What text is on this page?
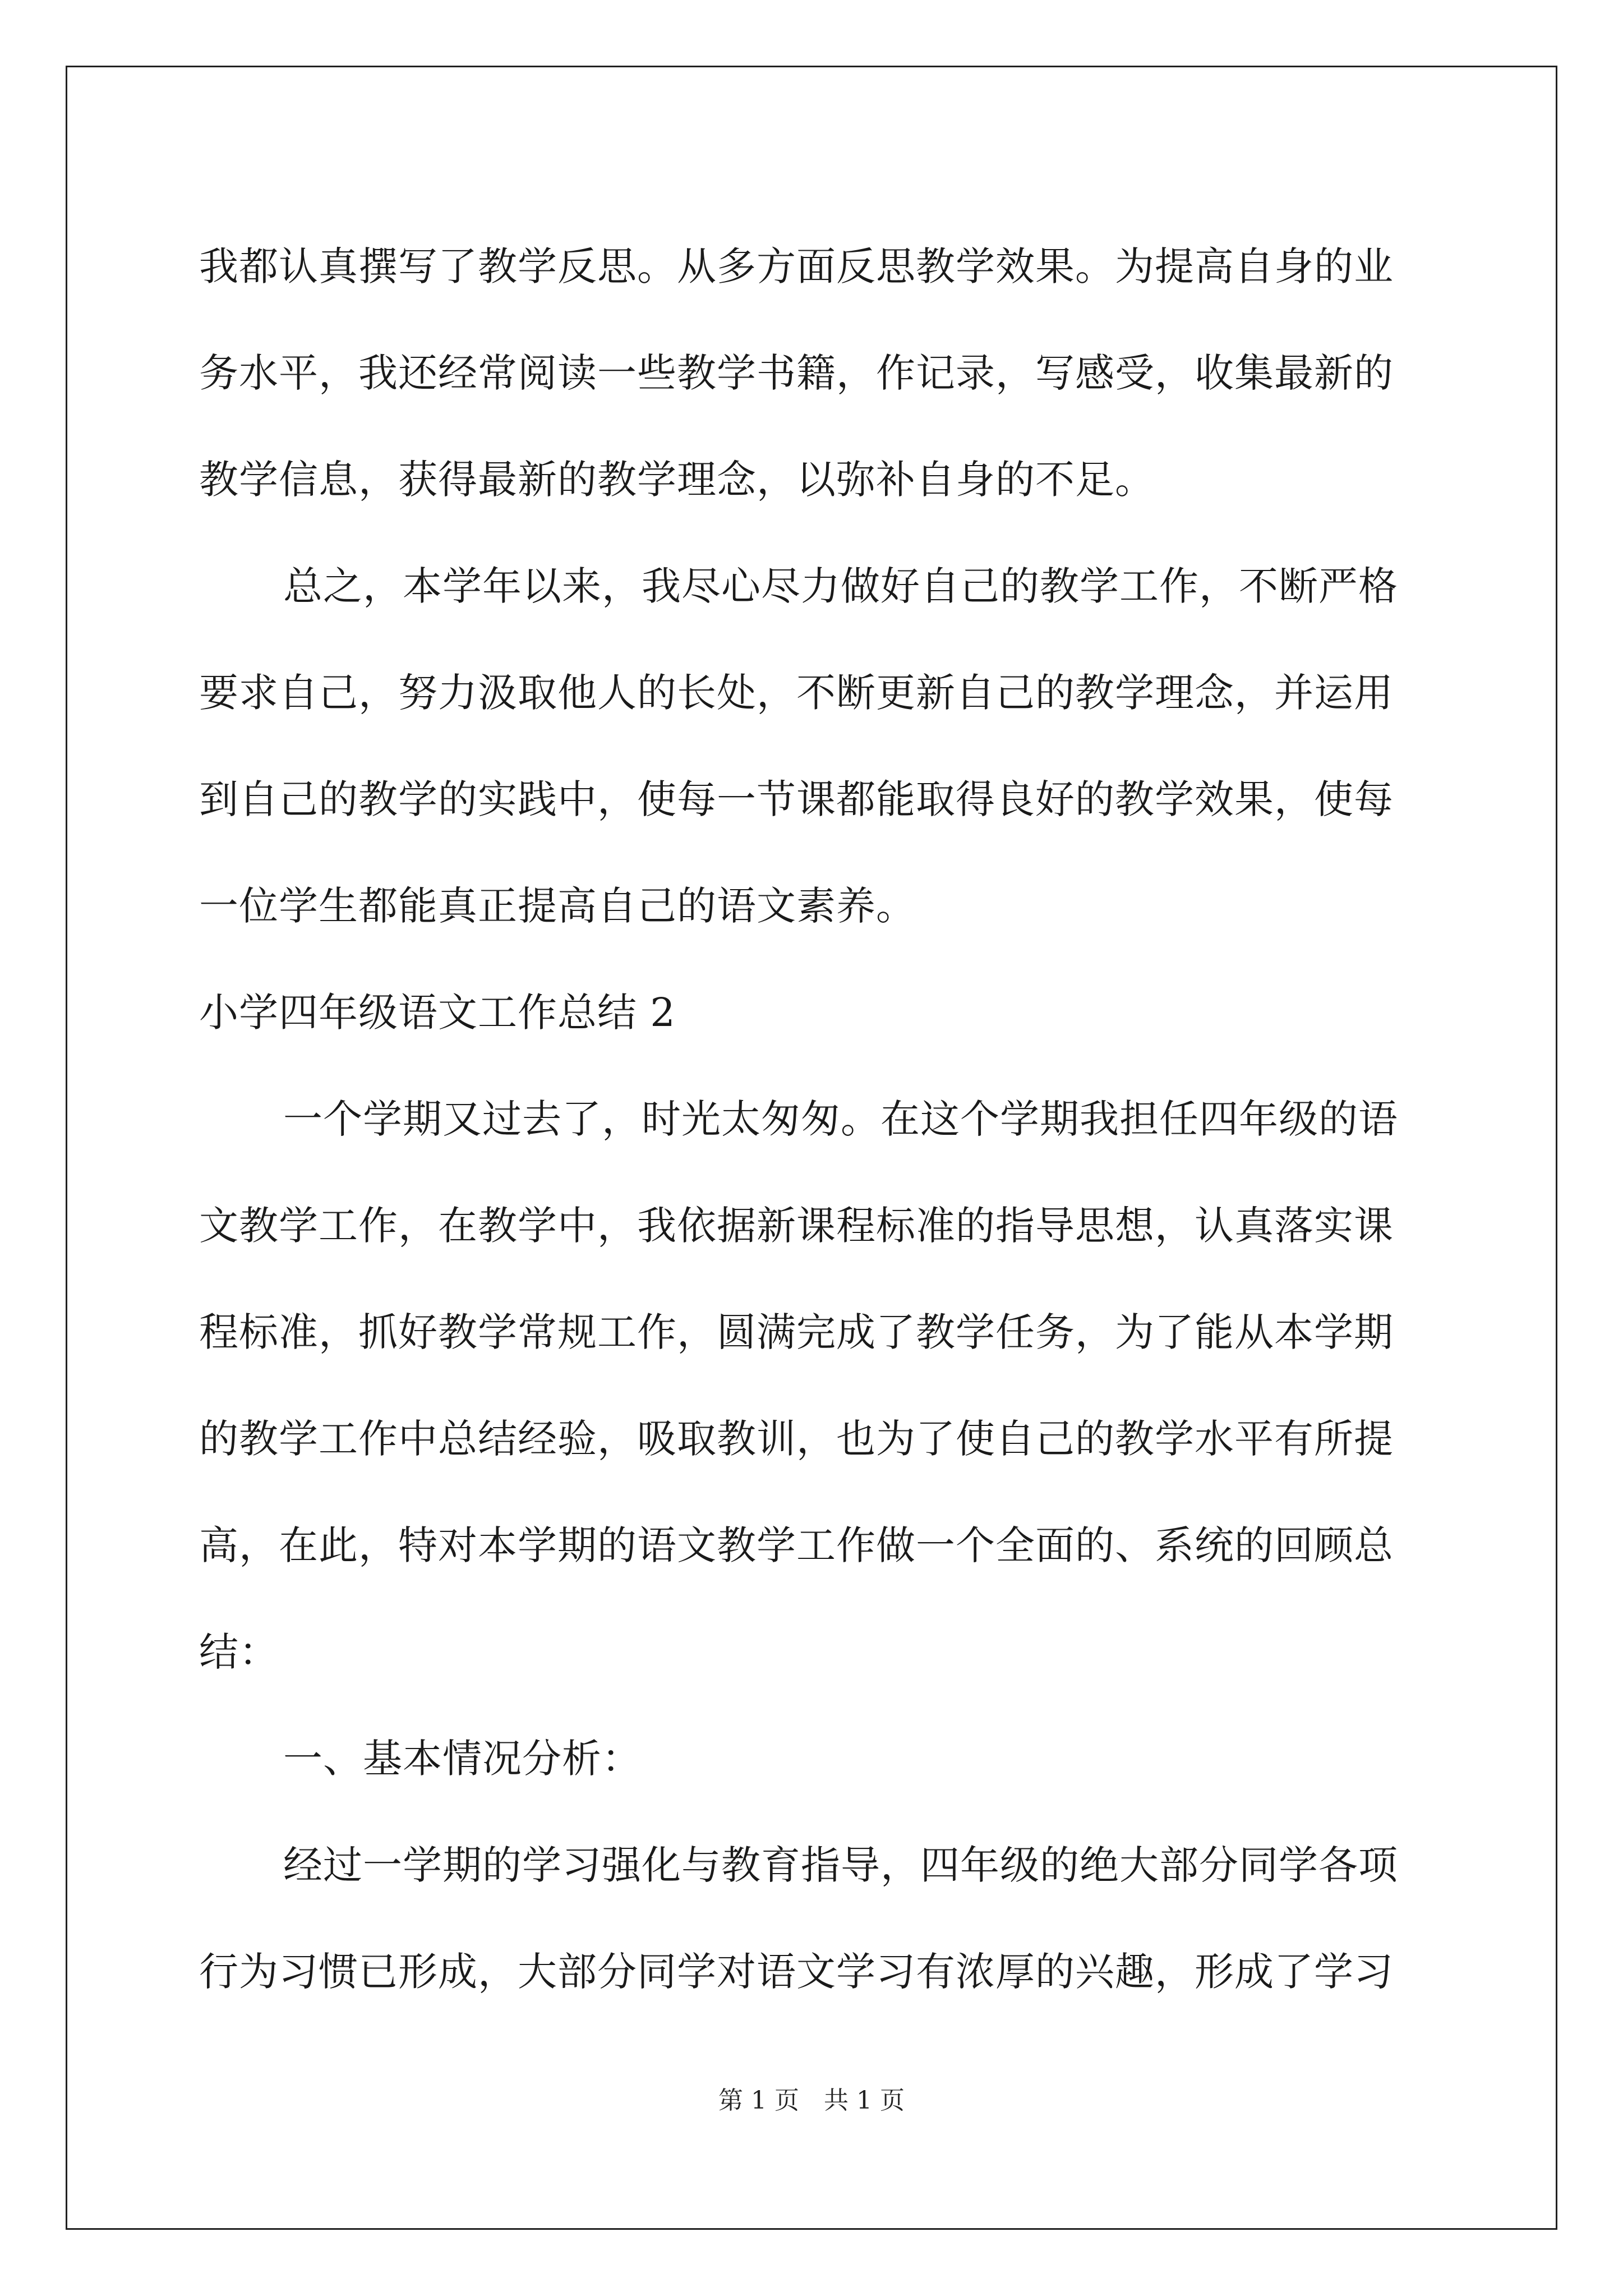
我都认真撰写了教学反思。从多方面反思教学效果。为提高自身的业
务水平，我还经常阅读一些教学书籍，作记录，写感受，收集最新的
教学信息，获得最新的教学理念，以弥补自身的不足。
总之，本学年以来，我尽心尽力做好自己的教学工作，不断严格
要求自己，努力汲取他人的长处，不断更新自己的教学理念，并运用
到自己的教学的实践中，使每一节课都能取得良好的教学效果，使每
一位学生都能真正提高自己的语文素养。
小学四年级语文工作总结 2
一个学期又过去了，时光太匆匆。在这个学期我担任四年级的语
文教学工作，在教学中，我依据新课程标准的指导思想，认真落实课
程标准，抓好教学常规工作，圆满完成了教学任务，为了能从本学期
的教学工作中总结经验，吸取教训，也为了使自己的教学水平有所提
高，在此，特对本学期的语文教学工作做一个全面的、系统的回顾总
结：
一、基本情况分析：
经过一学期的学习强化与教育指导，四年级的绝大部分同学各项
行为习惯已形成，大部分同学对语文学习有浓厚的兴趣，形成了学习
第 1 页　共 1 页
